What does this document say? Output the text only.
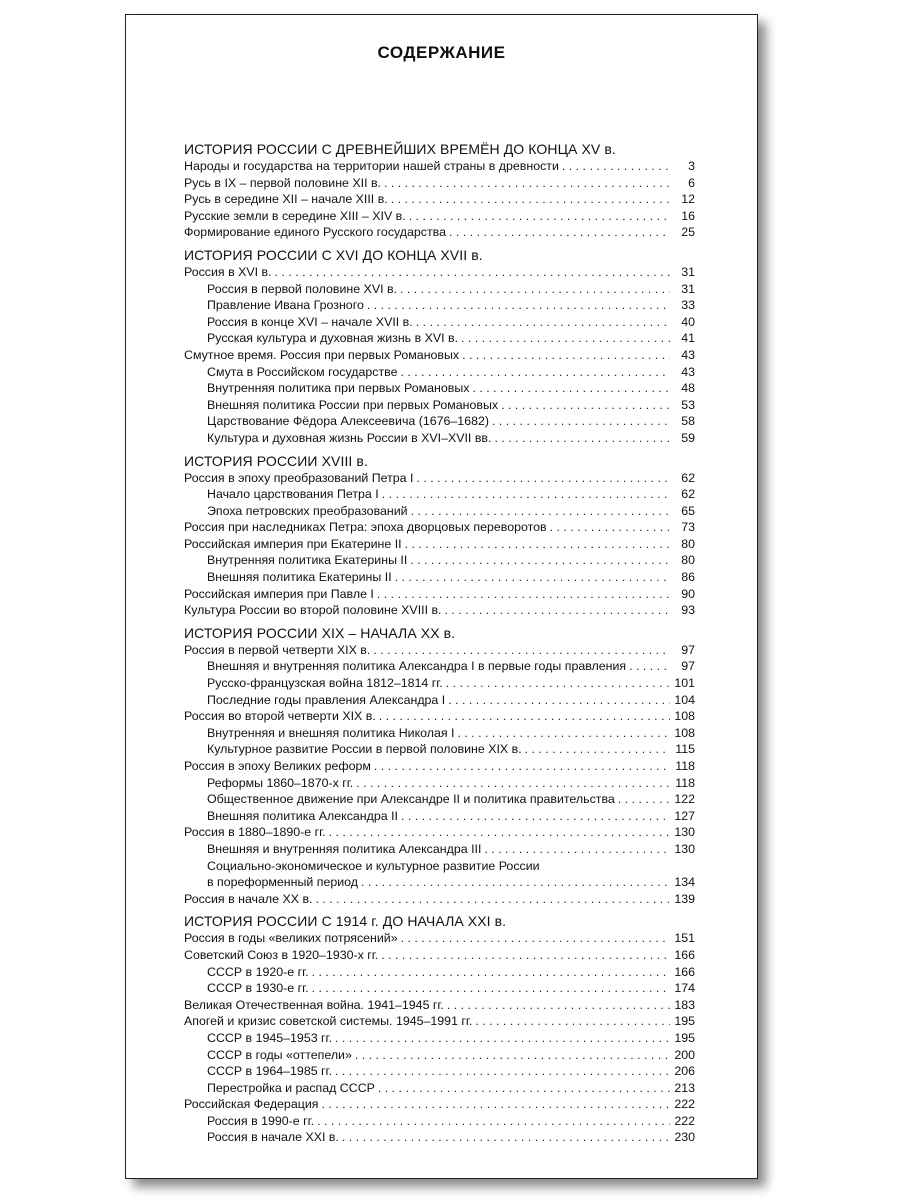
СОДЕРЖАНИЕ
ИСТОРИЯ РОССИИ С ДРЕВНЕЙШИХ ВРЕМЁН ДО КОНЦА XV в.
Народы и государства на территории нашей страны в древности . . .	3
Русь в IX – первой половине XII в. . . .	6
Русь в середине XII – начале XIII в. . . .	12
Русские земли в середине XIII – XIV в. . . .	16
Формирование единого Русского государства . . .	25
ИСТОРИЯ РОССИИ С XVI ДО КОНЦА XVII в.
Россия в XVI в. . . .	31
Россия в первой половине XVI в. . . .	31
Правление Ивана Грозного . . .	33
Россия в конце XVI – начале XVII в. . . .	40
Русская культура и духовная жизнь в XVI в. . . .	41
Смутное время. Россия при первых Романовых . . .	43
Смута в Российском государстве . . .	43
Внутренняя политика при первых Романовых . . .	48
Внешняя политика России при первых Романовых . . .	53
Царствование Фёдора Алексеевича (1676–1682) . . .	58
Культура и духовная жизнь России в XVI–XVII вв. . . .	59
ИСТОРИЯ РОССИИ XVIII в.
Россия в эпоху преобразований Петра I . . .	62
Начало царствования Петра I . . .	62
Эпоха петровских преобразований . . .	65
Россия при наследниках Петра: эпоха дворцовых переворотов . . .	73
Российская империя при Екатерине II . . .	80
Внутренняя политика Екатерины II . . .	80
Внешняя политика Екатерины II . . .	86
Российская империя при Павле I . . .	90
Культура России во второй половине XVIII в. . . .	93
ИСТОРИЯ РОССИИ XIX – НАЧАЛА XX в.
Россия в первой четверти XIX в. . . .	97
Внешняя и внутренняя политика Александра I в первые годы правления . . .	97
Русско-французская война 1812–1814 гг. . . .	101
Последние годы правления Александра I . . .	104
Россия во второй четверти XIX в. . . .	108
Внутренняя и внешняя политика Николая I . . .	108
Культурное развитие России в первой половине XIX в. . . .	115
Россия в эпоху Великих реформ . . .	118
Реформы 1860–1870-х гг. . . .	118
Общественное движение при Александре II и политика правительства . . .	122
Внешняя политика Александра II . . .	127
Россия в 1880–1890-е гг. . . .	130
Внешняя и внутренняя политика Александра III . . .	130
Социально-экономическое и культурное развитие России
в пореформенный период . . .	134
Россия в начале XX в. . . .	139
ИСТОРИЯ РОССИИ С 1914 г. ДО НАЧАЛА XXI в.
Россия в годы «великих потрясений» . . .	151
Советский Союз в 1920–1930-х гг. . . .	166
СССР в 1920-е гг. . . .	166
СССР в 1930-е гг. . . .	174
Великая Отечественная война. 1941–1945 гг. . . .	183
Апогей и кризис советской системы. 1945–1991 гг. . . .	195
СССР в 1945–1953 гг. . . .	195
СССР в годы «оттепели» . . .	200
СССР в 1964–1985 гг. . . .	206
Перестройка и распад СССР . . .	213
Российская Федерация . . .	222
Россия в 1990-е гг. . . .	222
Россия в начале XXI в. . . .	230
